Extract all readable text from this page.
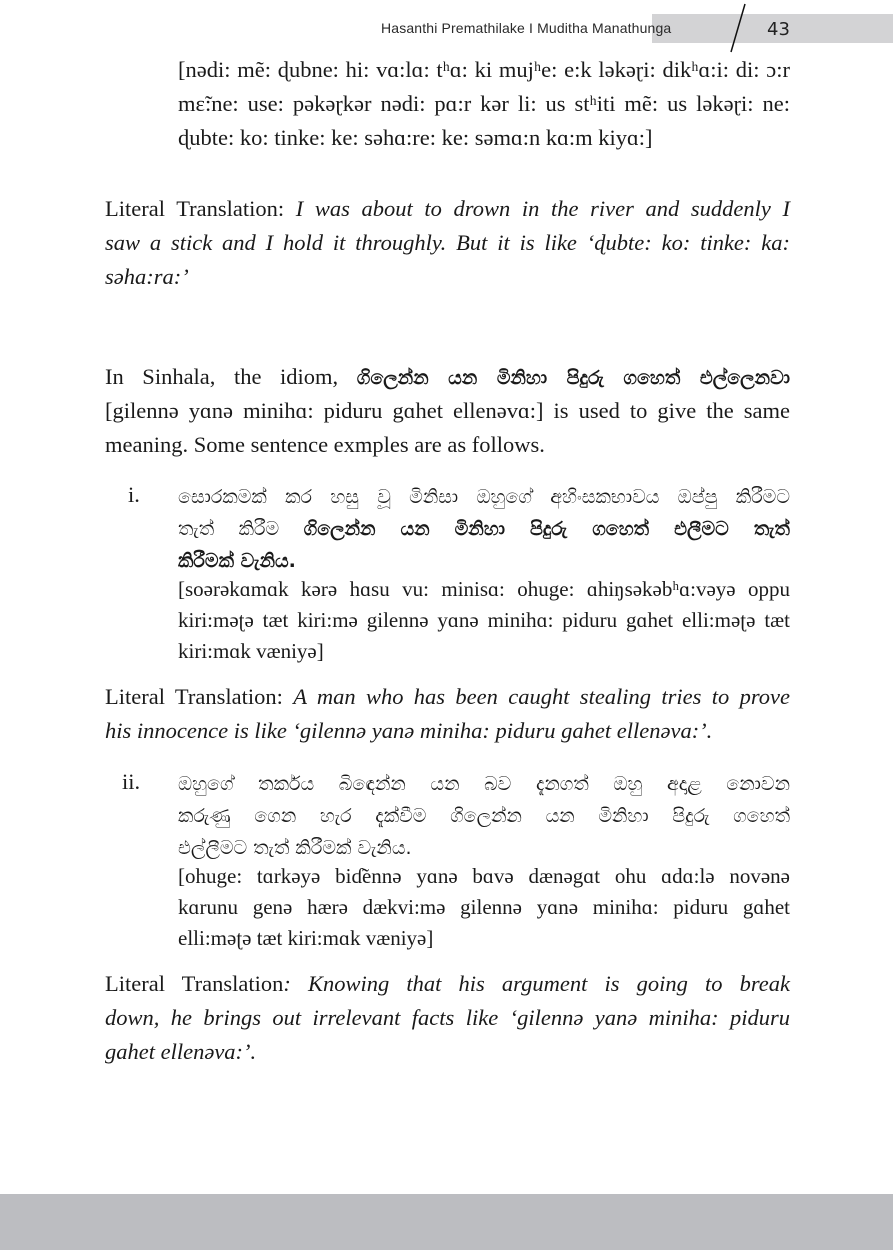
Hasanthi Premathilake I Muditha Manathunga	43
[nədi: mẽ: ɖubne: hi: vɑ:lɑ: tʰɑ: ki mujʰe: e:k ləkəɽi: dikʰɑ:i: di: ɔ:r
mɛ̃:ne: use: pəkəɽkər nədi: pɑ:r kər li: us stʰiti mẽ: us ləkəɽi: ne:
ɖubte: ko: tinke: ke: səhɑ:re: ke: səmɑ:n kɑ:m kiyɑ:]
Literal Translation: I was about to drown in the river and suddenly I
saw a stick and I hold it throughly. But it is like ‘ɖubte: ko: tinke: ka:
səha:ra:’
In Sinhala, the idiom, ගිලෙන්න යන මිනිහා පිදුරු ගහෙත් එල්ලෙනවා
[gilennə yɑnə minihɑ: piduru gɑhet ellenəvɑ:] is used to give the same
meaning. Some sentence exmples are as follows.
i. සොරකමක් කර හසු වූ මිනිසා ඔහුගේ අහිංසකභාවය ඔප්පු කිරීමට
තැත් කිරීම ගිලෙන්න යන මිනිහා පිදුරු ගහෙත් එලීමට තැත්
කිරීමක් වැනිය.
[soərəkɑmɑk kərə hɑsu vu: minisɑ: ohuge: ɑhiŋsəkəbʰɑ:vəyə oppu
kiri:məʈə tæt kiri:mə gilennə yɑnə minihɑ: piduru gɑhet elli:məʈə tæt
kiri:mɑk væniyə]
Literal Translation: A man who has been caught stealing tries to prove
his innocence is like ‘gilennə yanə miniha: piduru gahet ellenəva:’.
ii. ඔහුගේ තර්කය බිඳෙන්න යන බව දැනගත් ඔහු අදාළ නොවන
කරුණු ගෙන හැර දැක්වීම ගිලෙන්න යන මිනිහා පිදුරු ගහෙත්
එල්ලීමට තැත් කිරීමක් වැනිය.
[ohuge: tɑrkəyə biɗ̃ennə yɑnə bɑvə dænəgɑt ohu ɑdɑ:lə novənə
kɑrunu genə hærə dækvi:mə gilennə yɑnə minihɑ: piduru gɑhet
elli:məʈə tæt kiri:mɑk væniyə]
Literal Translation: Knowing that his argument is going to break
down, he brings out irrelevant facts like ‘gilennə yanə miniha: piduru
gahet ellenəva:’.
